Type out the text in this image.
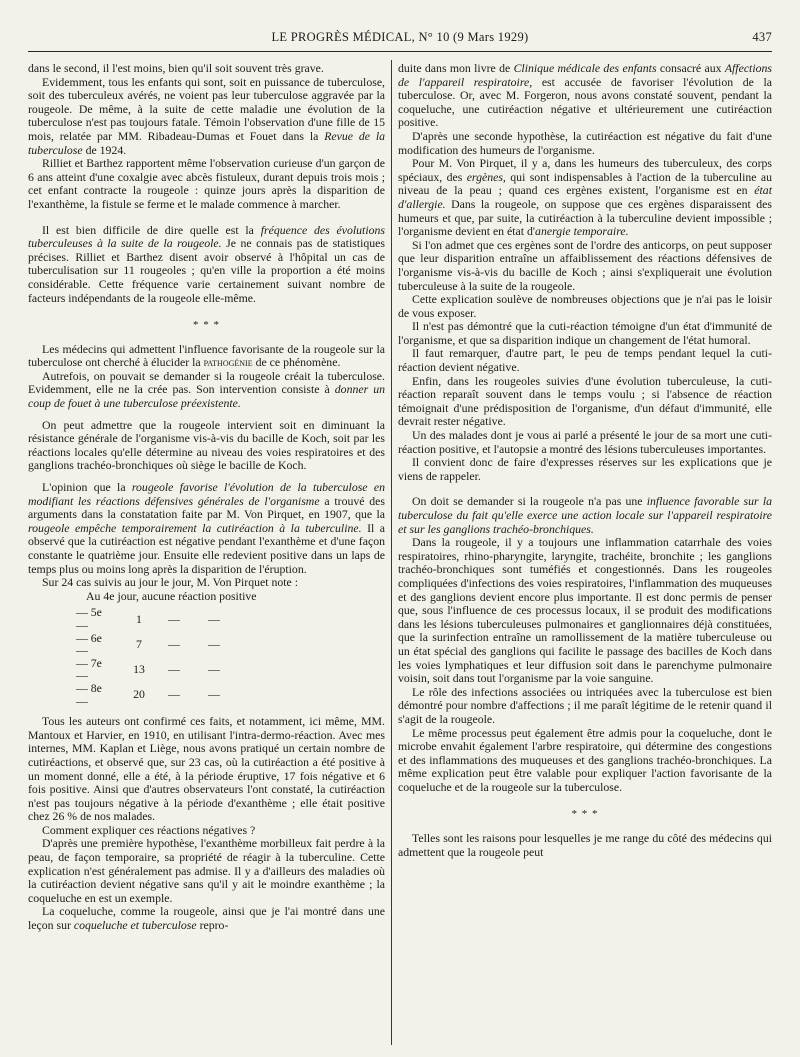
LE PROGRÈS MÉDICAL, N° 10 (9 Mars 1929)	437

dans le second, il l'est moins, bien qu'il soit souvent très grave.

Evidemment, tous les enfants qui sont, soit en puissance de tuberculose, soit des tuberculeux avérés, ne voient pas leur tuberculose aggravée par la rougeole. De même, à la suite de cette maladie une évolution de la tuberculose n'est pas toujours fatale. Témoin l'observation d'une fille de 15 mois, relatée par MM. Ribadeau-Dumas et Fouet dans la Revue de la tuberculose de 1924.

Rilliet et Barthez rapportent même l'observation curieuse d'un garçon de 6 ans atteint d'une coxalgie avec abcès fistuleux, durant depuis trois mois ; cet enfant contracte la rougeole : quinze jours après la disparition de l'exanthème, la fistule se ferme et le malade commence à marcher.

Il est bien difficile de dire quelle est la fréquence des évolutions tuberculeuses à la suite de la rougeole. Je ne connais pas de statistiques précises. Rilliet et Barthez disent avoir observé à l'hôpital un cas de tuberculisation sur 11 rougeoles ; qu'en ville la proportion a été moins considérable. Cette fréquence varie certainement suivant nombre de facteurs indépendants de la rougeole elle-même.

* * *

Les médecins qui admettent l'influence favorisante de la rougeole sur la tuberculose ont cherché à élucider la pathogénie de ce phénomène.

Autrefois, on pouvait se demander si la rougeole créait la tuberculose. Evidemment, elle ne la crée pas. Son intervention consiste à donner un coup de fouet à une tuberculose préexistente.

On peut admettre que la rougeole intervient soit en diminuant la résistance générale de l'organisme vis-à-vis du bacille de Koch, soit par les réactions locales qu'elle détermine au niveau des voies respiratoires et des ganglions trachéo-bronchiques où siège le bacille de Koch.

L'opinion que la rougeole favorise l'évolution de la tuberculose en modifiant les réactions défensives générales de l'organisme a trouvé des arguments dans la constatation faite par M. Von Pirquet, en 1907, que la rougeole empêche temporairement la cutiréaction à la tuberculine. Il a observé que la cutiréaction est négative pendant l'exanthème et d'une façon constante le quatrième jour. Ensuite elle redevient positive dans un laps de temps plus ou moins long après la disparition de l'éruption.

Sur 24 cas suivis au jour le jour, M. Von Pirquet note :

Au 4e jour, aucune réaction positive
— 5e —	1	—	—
— 6e —	7	—	—
— 7e —	13	—	—
— 8e —	20	—	—

Tous les auteurs ont confirmé ces faits, et notamment, ici même, MM. Mantoux et Harvier, en 1910, en utilisant l'intra-dermo-réaction. Avec mes internes, MM. Kaplan et Liège, nous avons pratiqué un certain nombre de cutiréactions, et observé que, sur 23 cas, où la cutiréaction a été positive à un moment donné, elle a été, à la période éruptive, 17 fois négative et 6 fois positive. Ainsi que d'autres observateurs l'ont constaté, la cutiréaction n'est pas toujours négative à la période d'exanthème ; elle était positive chez 26 % de nos malades.

Comment expliquer ces réactions négatives ?

D'après une première hypothèse, l'exanthème morbilleux fait perdre à la peau, de façon temporaire, sa propriété de réagir à la tuberculine. Cette explication n'est généralement pas admise. Il y a d'ailleurs des maladies où la cutiréaction devient négative sans qu'il y ait le moindre exanthème ; la coqueluche en est un exemple.

La coqueluche, comme la rougeole, ainsi que je l'ai montré dans une leçon sur coqueluche et tuberculose repro-

duite dans mon livre de Clinique médicale des enfants consacré aux Affections de l'appareil respiratoire, est accusée de favoriser l'évolution de la tuberculose. Or, avec M. Forgeron, nous avons constaté souvent, pendant la coqueluche, une cutiréaction négative et ultérieurement une cutiréaction positive.

D'après une seconde hypothèse, la cutiréaction est négative du fait d'une modification des humeurs de l'organisme.

Pour M. Von Pirquet, il y a, dans les humeurs des tuberculeux, des corps spéciaux, des ergènes, qui sont indispensables à l'action de la tuberculine au niveau de la peau ; quand ces ergènes existent, l'organisme est en état d'allergie. Dans la rougeole, on suppose que ces ergènes disparaissent des humeurs et que, par suite, la cutiréaction à la tuberculine devient impossible ; l'organisme devient en état d'anergie temporaire.

Si l'on admet que ces ergènes sont de l'ordre des anticorps, on peut supposer que leur disparition entraîne un affaiblissement des réactions défensives de l'organisme vis-à-vis du bacille de Koch ; ainsi s'expliquerait une évolution tuberculeuse à la suite de la rougeole.

Cette explication soulève de nombreuses objections que je n'ai pas le loisir de vous exposer.

Il n'est pas démontré que la cuti-réaction témoigne d'un état d'immunité de l'organisme, et que sa disparition indique un changement de l'état humoral.

Il faut remarquer, d'autre part, le peu de temps pendant lequel la cuti-réaction devient négative.

Enfin, dans les rougeoles suivies d'une évolution tuberculeuse, la cuti-réaction reparaît souvent dans le temps voulu ; si l'absence de réaction témoignait d'une prédisposition de l'organisme, d'un défaut d'immunité, elle devrait rester négative.

Un des malades dont je vous ai parlé a présenté le jour de sa mort une cuti-réaction positive, et l'autopsie a montré des lésions tuberculeuses importantes.

Il convient donc de faire d'expresses réserves sur les explications que je viens de rappeler.

On doit se demander si la rougeole n'a pas une influence favorable sur la tuberculose du fait qu'elle exerce une action locale sur l'appareil respiratoire et sur les ganglions trachéo-bronchiques.

Dans la rougeole, il y a toujours une inflammation catarrhale des voies respiratoires, rhino-pharyngite, laryngite, trachéite, bronchite ; les ganglions trachéo-bronchiques sont tuméfiés et congestionnés. Dans les rougeoles compliquées d'infections des voies respiratoires, l'inflammation des muqueuses et des ganglions devient encore plus importante. Il est donc permis de penser que, sous l'influence de ces processus locaux, il se produit des modifications dans les lésions tuberculeuses pulmonaires et ganglionnaires déjà constituées, que la surinfection entraîne un ramollissement de la matière tuberculeuse ou un état spécial des ganglions qui facilite le passage des bacilles de Koch dans les voies lymphatiques et leur diffusion soit dans le parenchyme pulmonaire voisin, soit dans tout l'organisme par la voie sanguine.

Le rôle des infections associées ou intriquées avec la tuberculose est bien démontré pour nombre d'affections ; il me paraît légitime de le retenir quand il s'agit de la rougeole.

Le même processus peut également être admis pour la coqueluche, dont le microbe envahit également l'arbre respiratoire, qui détermine des congestions et des inflammations des muqueuses et des ganglions trachéo-bronchiques. La même explication peut être valable pour expliquer l'action favorisante de la coqueluche et de la rougeole sur la tuberculose.

* * *

Telles sont les raisons pour lesquelles je me range du côté des médecins qui admettent que la rougeole peut
